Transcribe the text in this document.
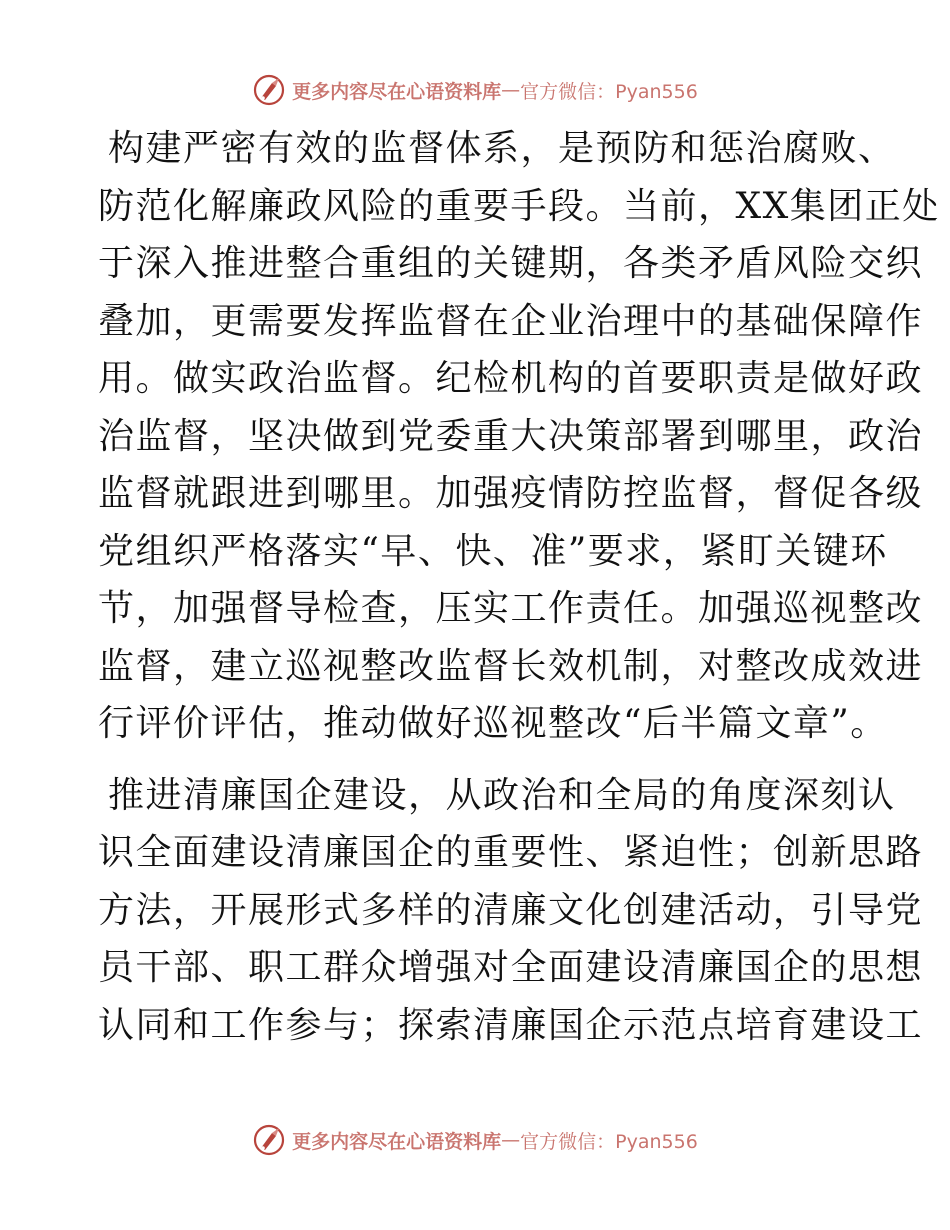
更多内容尽在心语资料库 — 官方微信：Pyan556

构建严密有效的监督体系，是预防和惩治腐败、
防范化解廉政风险的重要手段。当前，XX集团正处
于深入推进整合重组的关键期，各类矛盾风险交织
叠加，更需要发挥监督在企业治理中的基础保障作
用。做实政治监督。纪检机构的首要职责是做好政
治监督，坚决做到党委重大决策部署到哪里，政治
监督就跟进到哪里。加强疫情防控监督，督促各级
党组织严格落实“早、快、准”要求，紧盯关键环
节，加强督导检查，压实工作责任。加强巡视整改
监督，建立巡视整改监督长效机制，对整改成效进
行评价评估，推动做好巡视整改“后半篇文章”。

推进清廉国企建设，从政治和全局的角度深刻认
识全面建设清廉国企的重要性、紧迫性；创新思路
方法，开展形式多样的清廉文化创建活动，引导党
员干部、职工群众增强对全面建设清廉国企的思想
认同和工作参与；探索清廉国企示范点培育建设工

更多内容尽在心语资料库 — 官方微信：Pyan556
